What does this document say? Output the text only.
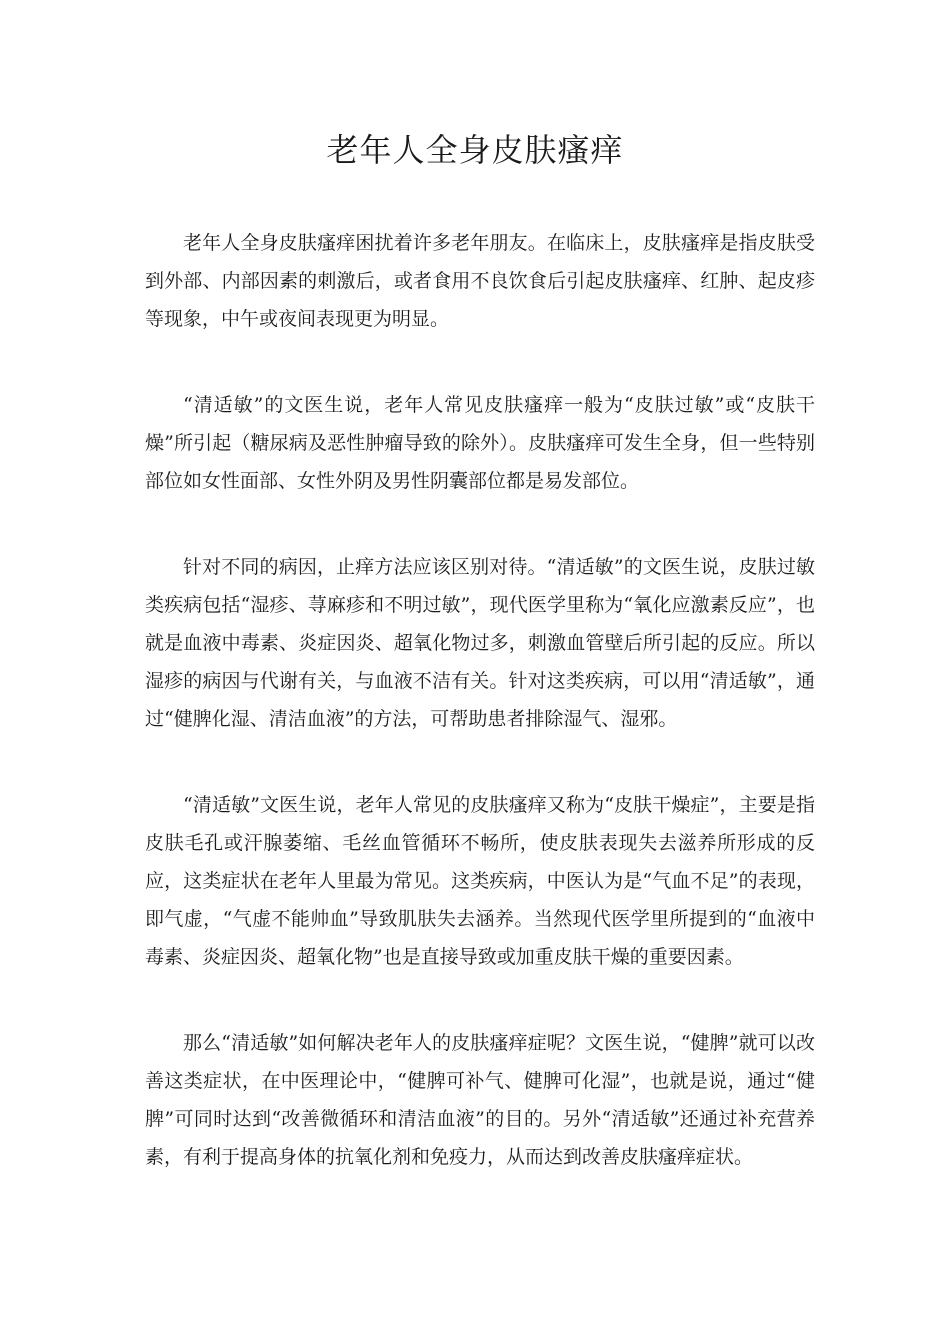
老年人全身皮肤瘙痒

老年人全身皮肤瘙痒困扰着许多老年朋友。在临床上，皮肤瘙痒是指皮肤受到外部、内部因素的刺激后，或者食用不良饮食后引起皮肤瘙痒、红肿、起皮疹等现象，中午或夜间表现更为明显。

“清适敏”的文医生说，老年人常见皮肤瘙痒一般为“皮肤过敏”或“皮肤干燥”所引起（糖尿病及恶性肿瘤导致的除外）。皮肤瘙痒可发生全身，但一些特别部位如女性面部、女性外阴及男性阴囊部位都是易发部位。

针对不同的病因，止痒方法应该区别对待。“清适敏”的文医生说，皮肤过敏类疾病包括“湿疹、荨麻疹和不明过敏”，现代医学里称为“氧化应激素反应”，也就是血液中毒素、炎症因炎、超氧化物过多，刺激血管壁后所引起的反应。所以湿疹的病因与代谢有关，与血液不洁有关。针对这类疾病，可以用“清适敏”，通过“健脾化湿、清洁血液”的方法，可帮助患者排除湿气、湿邪。

“清适敏”文医生说，老年人常见的皮肤瘙痒又称为“皮肤干燥症”，主要是指皮肤毛孔或汗腺萎缩、毛丝血管循环不畅所，使皮肤表现失去滋养所形成的反应，这类症状在老年人里最为常见。这类疾病，中医认为是“气血不足”的表现，即气虚，“气虚不能帅血”导致肌肤失去涵养。当然现代医学里所提到的“血液中毒素、炎症因炎、超氧化物”也是直接导致或加重皮肤干燥的重要因素。

那么“清适敏”如何解决老年人的皮肤瘙痒症呢？文医生说，“健脾”就可以改善这类症状，在中医理论中，“健脾可补气、健脾可化湿”，也就是说，通过“健脾”可同时达到“改善微循环和清洁血液”的目的。另外“清适敏”还通过补充营养素，有利于提高身体的抗氧化剂和免疫力，从而达到改善皮肤瘙痒症状。
